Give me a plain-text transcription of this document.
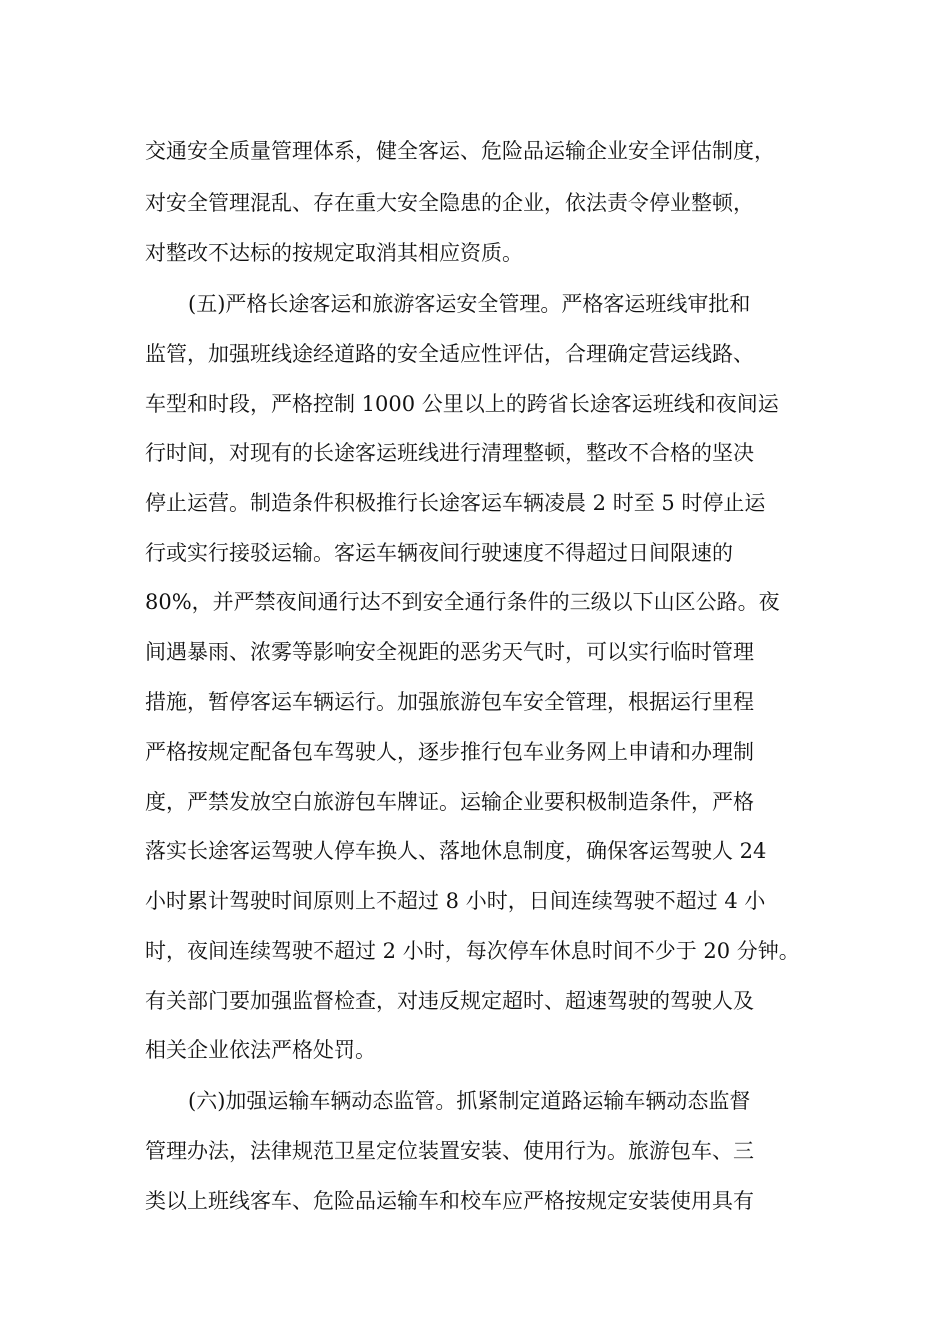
交通安全质量管理体系，健全客运、危险品运输企业安全评估制度，
对安全管理混乱、存在重大安全隐患的企业，依法责令停业整顿，
对整改不达标的按规定取消其相应资质。
(五)严格长途客运和旅游客运安全管理。严格客运班线审批和
监管，加强班线途经道路的安全适应性评估，合理确定营运线路、
车型和时段，严格控制 1000 公里以上的跨省长途客运班线和夜间运
行时间，对现有的长途客运班线进行清理整顿，整改不合格的坚决
停止运营。制造条件积极推行长途客运车辆凌晨 2 时至 5 时停止运
行或实行接驳运输。客运车辆夜间行驶速度不得超过日间限速的
80%，并严禁夜间通行达不到安全通行条件的三级以下山区公路。夜
间遇暴雨、浓雾等影响安全视距的恶劣天气时，可以实行临时管理
措施，暂停客运车辆运行。加强旅游包车安全管理，根据运行里程
严格按规定配备包车驾驶人，逐步推行包车业务网上申请和办理制
度，严禁发放空白旅游包车牌证。运输企业要积极制造条件，严格
落实长途客运驾驶人停车换人、落地休息制度，确保客运驾驶人 24
小时累计驾驶时间原则上不超过 8 小时，日间连续驾驶不超过 4 小
时，夜间连续驾驶不超过 2 小时，每次停车休息时间不少于 20 分钟。
有关部门要加强监督检查，对违反规定超时、超速驾驶的驾驶人及
相关企业依法严格处罚。
(六)加强运输车辆动态监管。抓紧制定道路运输车辆动态监督
管理办法，法律规范卫星定位装置安装、使用行为。旅游包车、三
类以上班线客车、危险品运输车和校车应严格按规定安装使用具有
